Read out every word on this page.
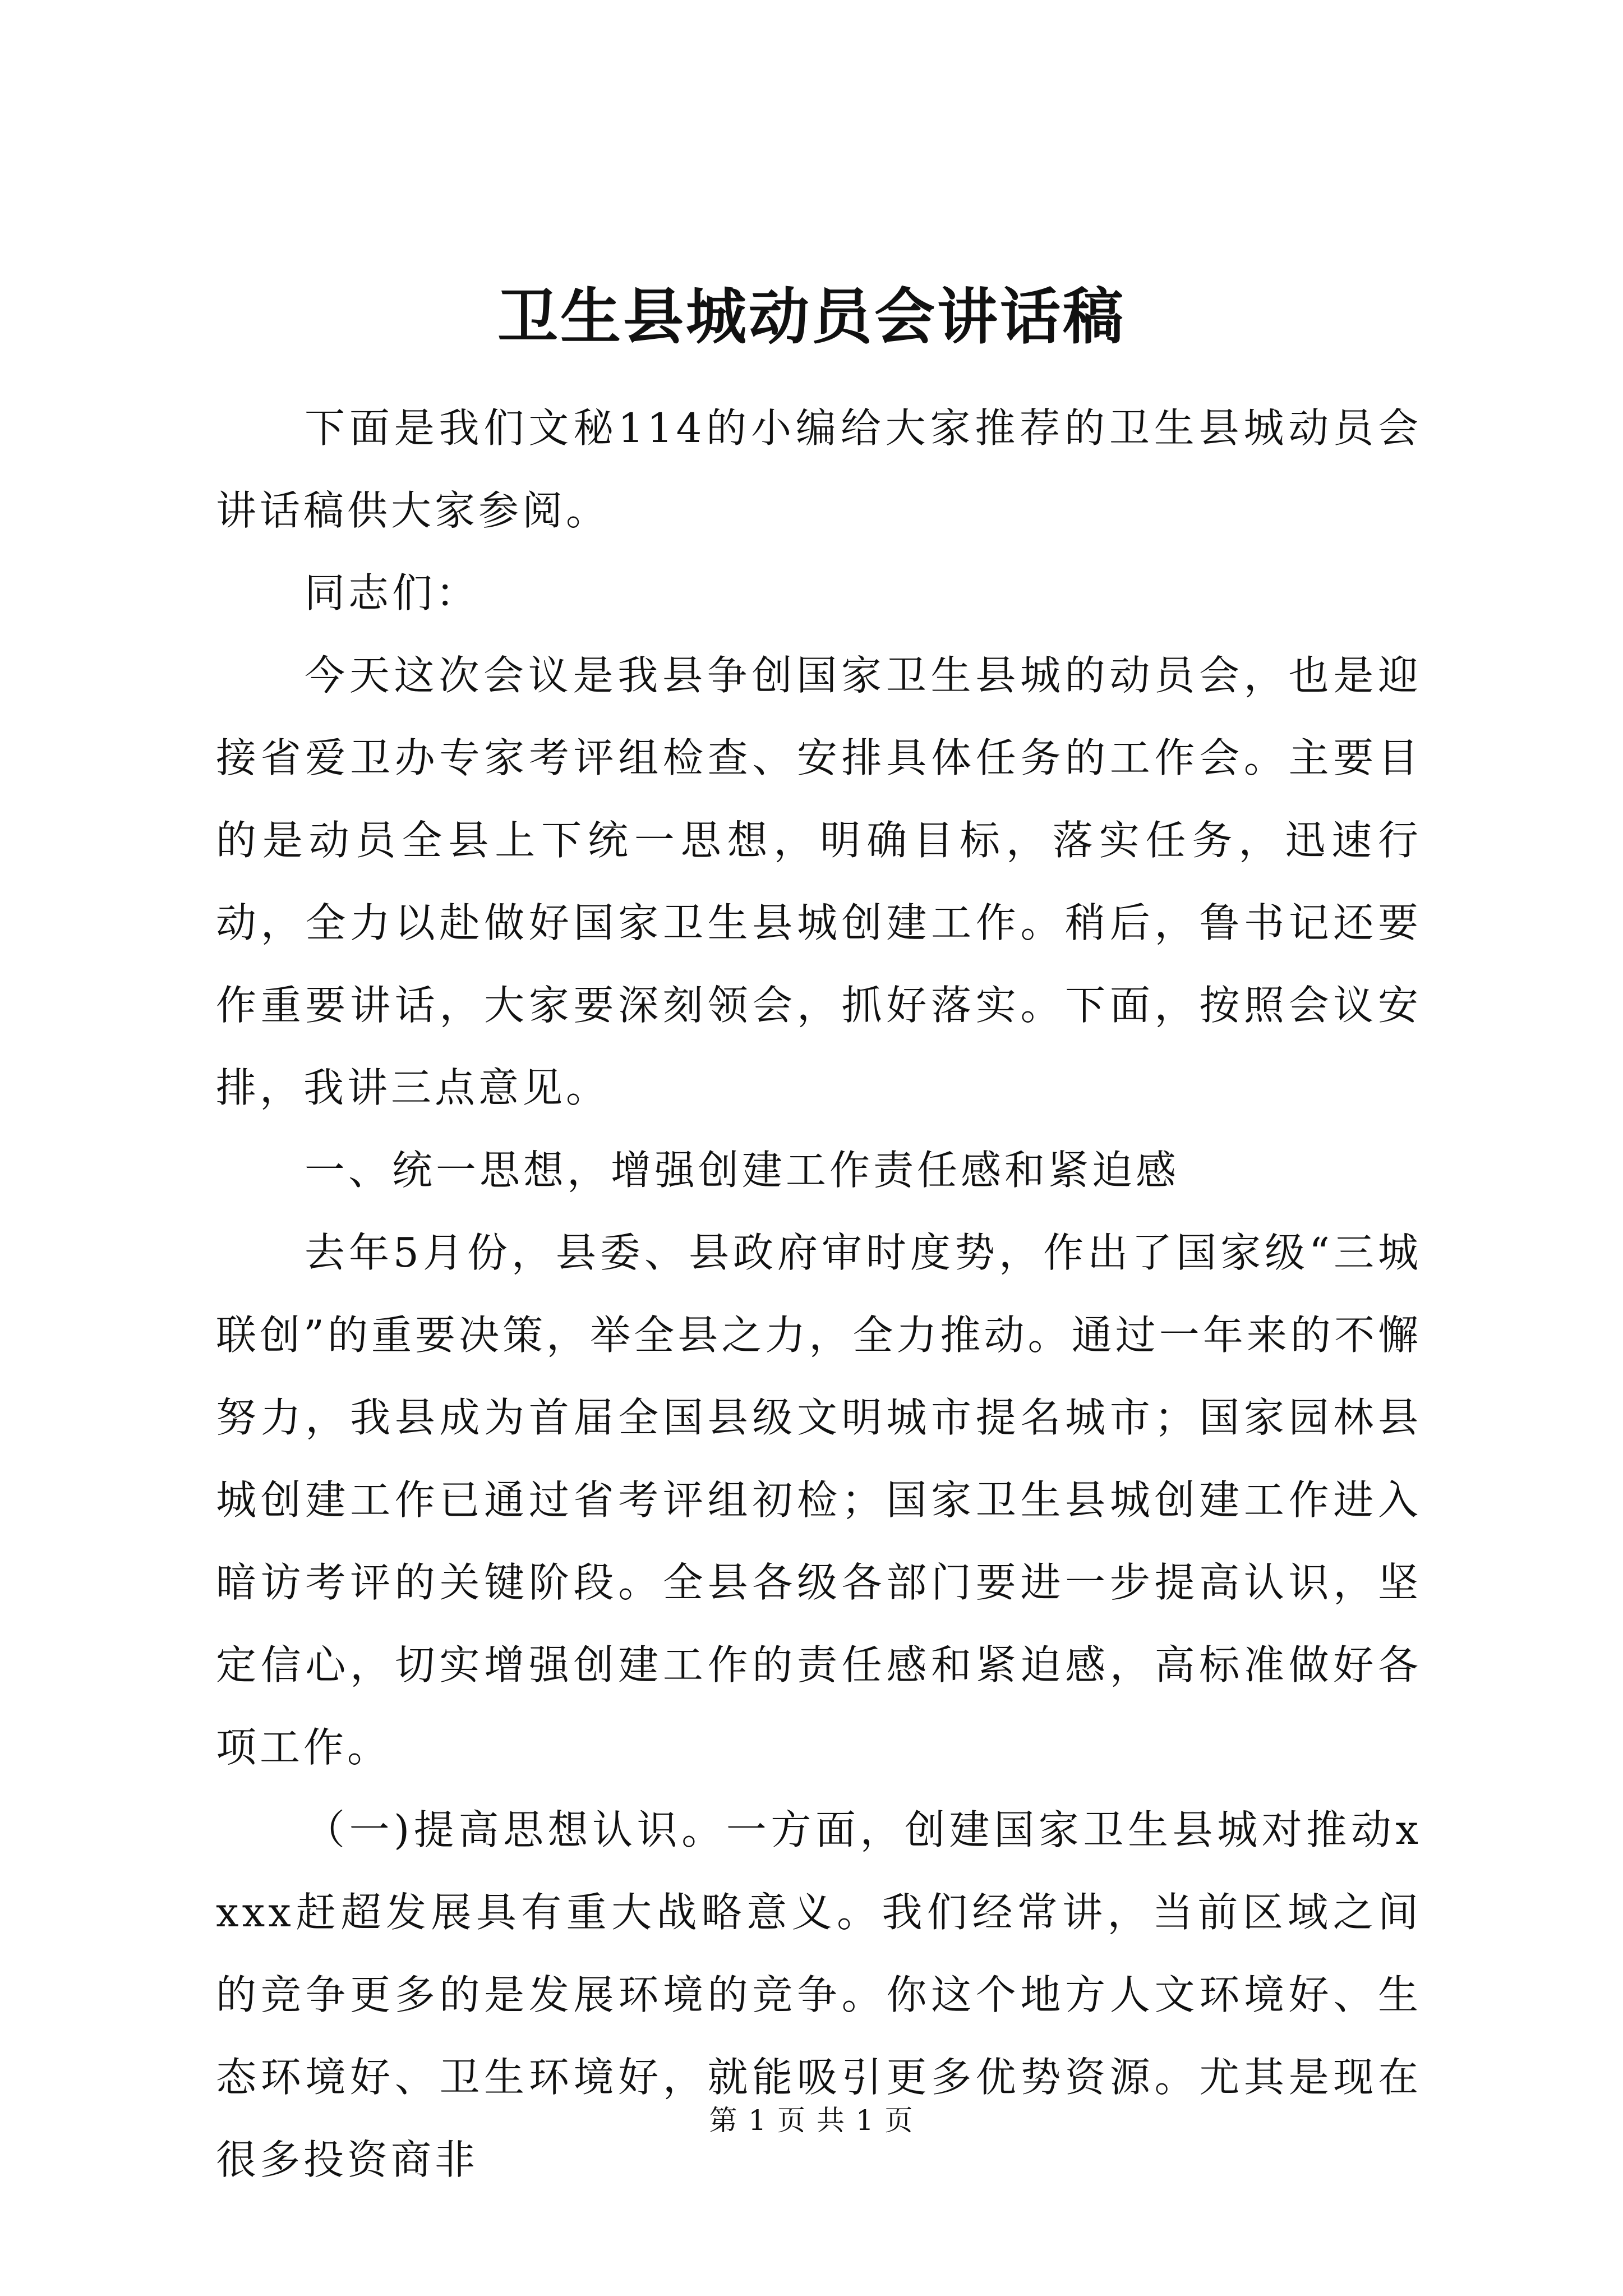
卫生县城动员会讲话稿

下面是我们文秘114的小编给大家推荐的卫生县城动员会讲话稿供大家参阅。

同志们：

今天这次会议是我县争创国家卫生县城的动员会，也是迎接省爱卫办专家考评组检查、安排具体任务的工作会。主要目的是动员全县上下统一思想，明确目标，落实任务，迅速行动，全力以赴做好国家卫生县城创建工作。稍后，鲁书记还要作重要讲话，大家要深刻领会，抓好落实。下面，按照会议安排，我讲三点意见。

一、统一思想，增强创建工作责任感和紧迫感

去年5月份，县委、县政府审时度势，作出了国家级“三城联创”的重要决策，举全县之力，全力推动。通过一年来的不懈努力，我县成为首届全国县级文明城市提名城市；国家园林县城创建工作已通过省考评组初检；国家卫生县城创建工作进入暗访考评的关键阶段。全县各级各部门要进一步提高认识，坚定信心，切实增强创建工作的责任感和紧迫感，高标准做好各项工作。

（一)提高思想认识。一方面，创建国家卫生县城对推动xxxx赶超发展具有重大战略意义。我们经常讲，当前区域之间的竞争更多的是发展环境的竞争。你这个地方人文环境好、生态环境好、卫生环境好，就能吸引更多优势资源。尤其是现在很多投资商非

第 1 页 共 1 页
